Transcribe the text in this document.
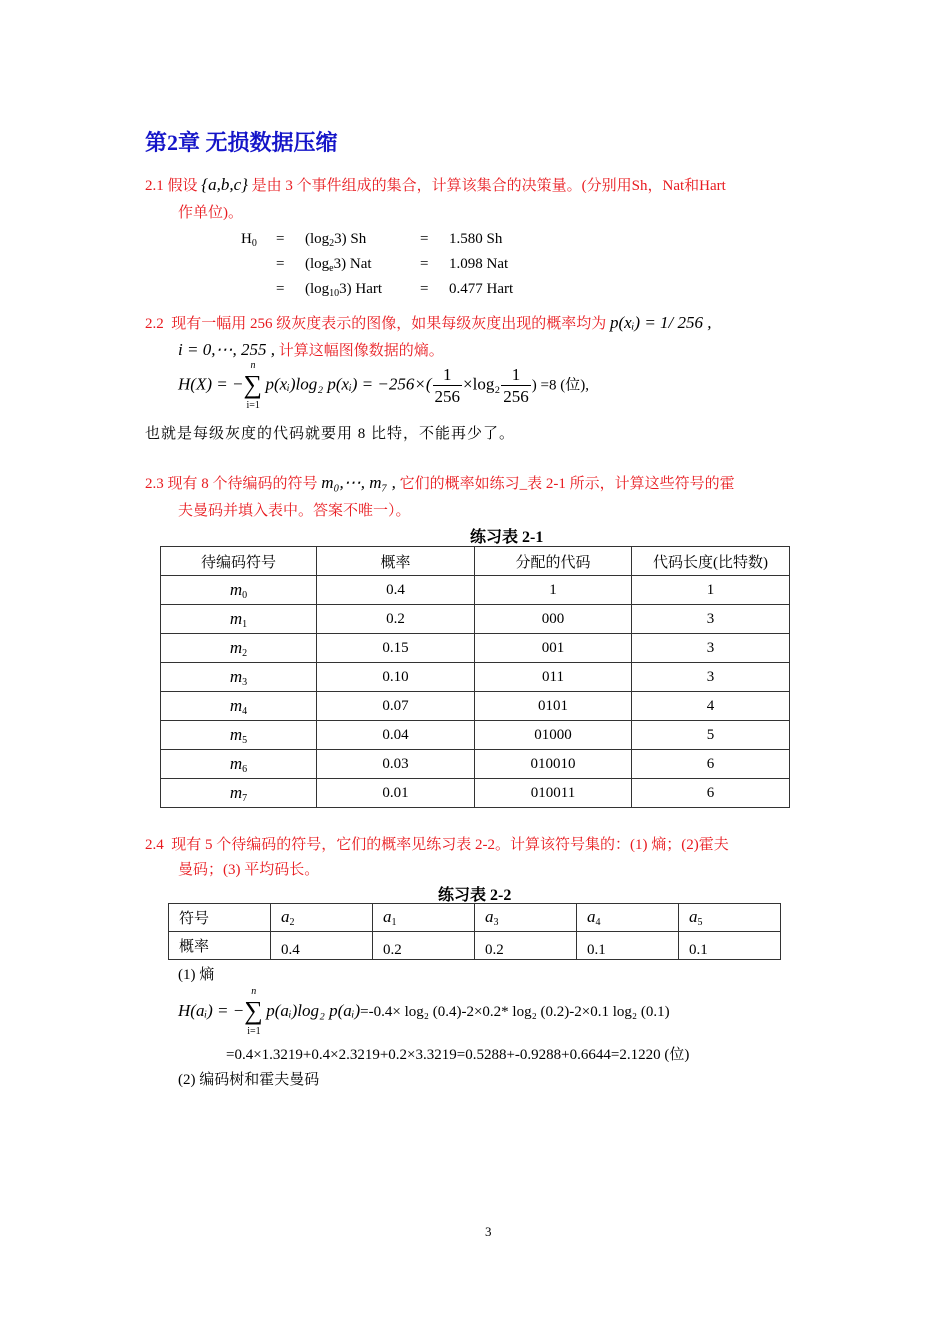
第2章 无损数据压缩
2.1 假设 {a,b,c} 是由 3 个事件组成的集合，计算该集合的决策量。(分别用Sh，Nat和Hart
作单位)。
$H_0 = (\log_23)$ Sh	= 1.580 Sh
= $(\log_e3)$ Nat	= 1.098 Nat
= $(\log_{10}3)$ Hart	= 0.477 Hart
2.2 现有一幅用 256 级灰度表示的图像，如果每级灰度出现的概率均为 p(xᵢ) = 1/ 256 ,
i = 0,⋯, 255 , 计算这幅图像数据的熵。
H(X) = − ∑
n
i=1
p(xᵢ)log₂ p(xᵢ) = $-256\times( \frac{1}{256} \times\log_2 \frac{1}{256}$ ) =8 (位),
也就是每级灰度的代码就要用 8 比特，不能再少了。
2.3 现有 8 个待编码的符号 m₀,⋯, m₇ , 它们的概率如练习_表 2-1 所示，计算这些符号的霍
夫曼码并填入表中。答案不唯一）。
练习表 2-1
待编码符号	概率	分配的代码	代码长度(比特数)
$m_0$	0.4	1	1
$m_1$	0.2	000	3
$m_2$	0.15	001	3
$m_3$	0.10	011	3
$m_4$	0.07	0101	4
$m_5$	0.04	01000	5
$m_6$	0.03	010010	6
$m_7$	0.01	010011	6
2.4 现有 5 个待编码的符号，它们的概率见练习表 2-2。计算该符号集的：(1) 熵；(2)霍夫
曼码；(3) 平均码长。
练习表 2-2
符号	$a_2$	$a_1$	$a_3$	$a_4$	$a_5$
概率	0.4	0.2	0.2	0.1	0.1
(1) 熵
H(aᵢ) = − ∑
n
i=1
p(aᵢ)log₂ p(aᵢ)=-0.4× log₂ (0.4)-2×0.2* log₂ (0.2)-2×0.1 log₂ (0.1)
=0.4×1.3219+0.4×2.3219+0.2×3.3219=0.5288+-0.9288+0.6644=2.1220 (位)
(2) 编码树和霍夫曼码
3
